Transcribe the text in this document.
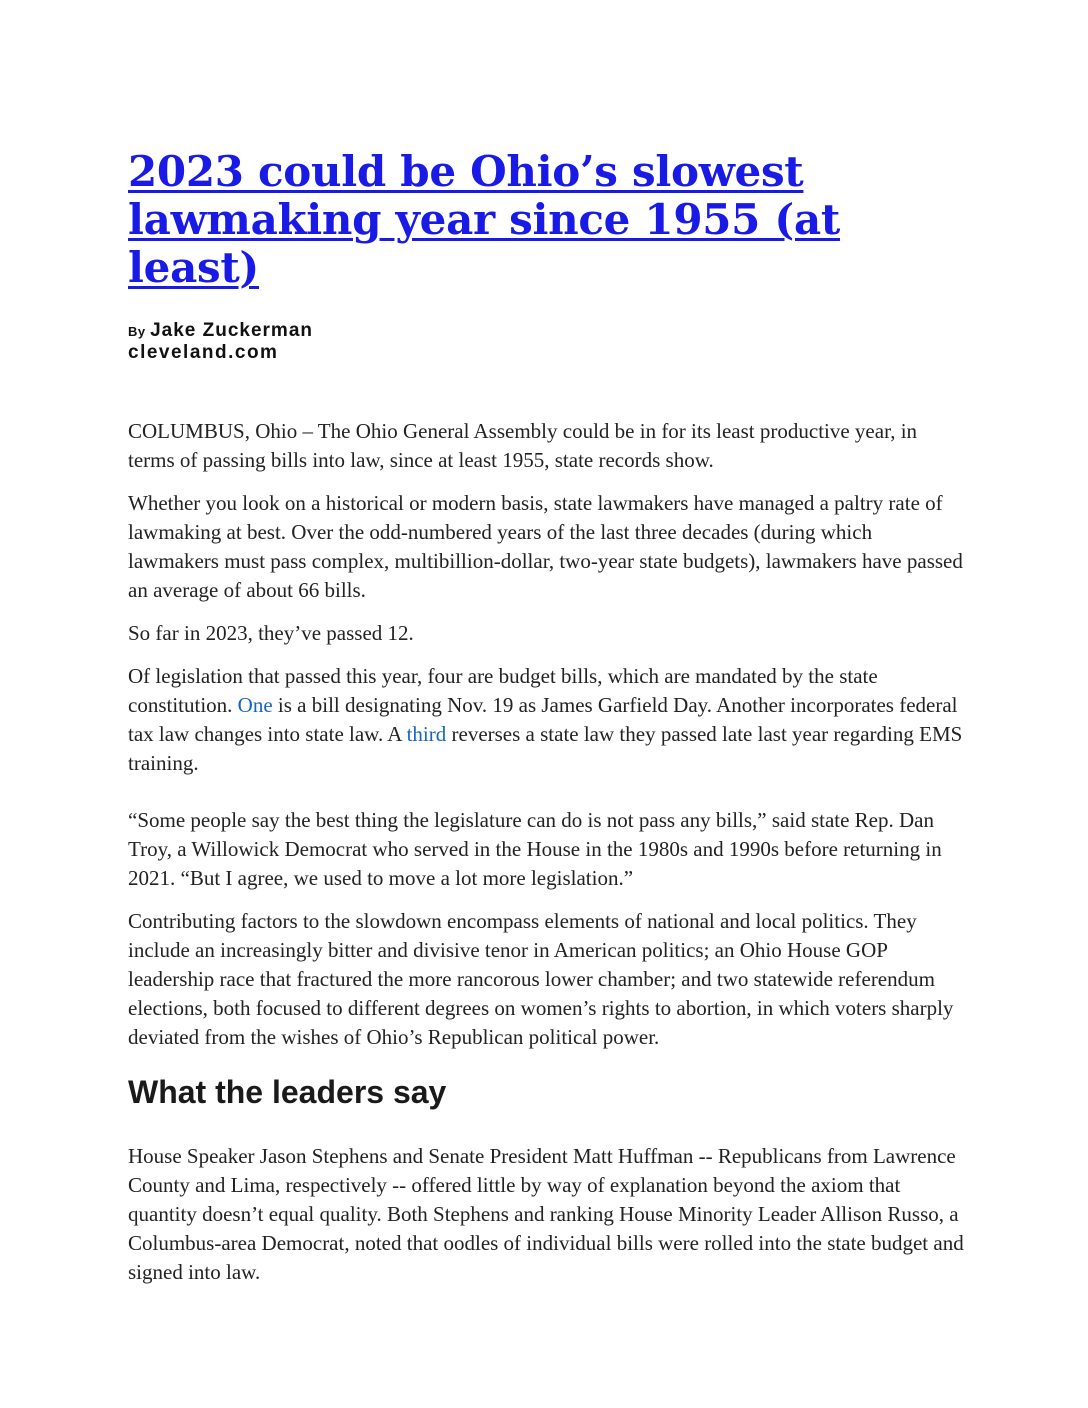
2023 could be Ohio’s slowest lawmaking year since 1955 (at least)
By Jake Zuckerman
cleveland.com

COLUMBUS, Ohio – The Ohio General Assembly could be in for its least productive year, in terms of passing bills into law, since at least 1955, state records show.

Whether you look on a historical or modern basis, state lawmakers have managed a paltry rate of lawmaking at best. Over the odd-numbered years of the last three decades (during which lawmakers must pass complex, multibillion-dollar, two-year state budgets), lawmakers have passed an average of about 66 bills.

So far in 2023, they’ve passed 12.

Of legislation that passed this year, four are budget bills, which are mandated by the state constitution. One is a bill designating Nov. 19 as James Garfield Day. Another incorporates federal tax law changes into state law. A third reverses a state law they passed late last year regarding EMS training.

“Some people say the best thing the legislature can do is not pass any bills,” said state Rep. Dan Troy, a Willowick Democrat who served in the House in the 1980s and 1990s before returning in 2021. “But I agree, we used to move a lot more legislation.”

Contributing factors to the slowdown encompass elements of national and local politics. They include an increasingly bitter and divisive tenor in American politics; an Ohio House GOP leadership race that fractured the more rancorous lower chamber; and two statewide referendum elections, both focused to different degrees on women’s rights to abortion, in which voters sharply deviated from the wishes of Ohio’s Republican political power.

What the leaders say

House Speaker Jason Stephens and Senate President Matt Huffman -- Republicans from Lawrence County and Lima, respectively -- offered little by way of explanation beyond the axiom that quantity doesn’t equal quality. Both Stephens and ranking House Minority Leader Allison Russo, a Columbus-area Democrat, noted that oodles of individual bills were rolled into the state budget and signed into law.
